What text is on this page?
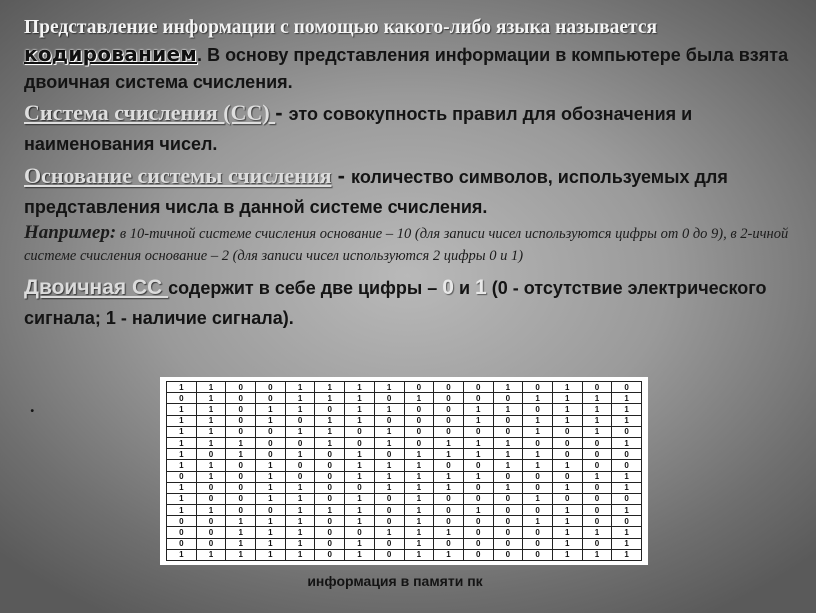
Представление информации с помощью какого-либо языка называется кодированием. В основу представления информации в компьютере была взята двоичная система счисления.

Система счисления (СС) - это совокупность правил для обозначения и наименования чисел.

Основание системы счисления - количество символов, используемых для представления числа в данной системе счисления.

Например: в 10-тичной системе счисления основание – 10 (для записи чисел используются цифры от 0 до 9), в 2-ичной системе счисления основание – 2 (для записи чисел используются 2 цифры 0 и 1)

Двоичная СС содержит в себе две цифры – 0 и 1 (0 - отсутствие электрического сигнала; 1 - наличие сигнала).

.
1	1	0	0	1	1	1	1	0	0	0	1	0	1	0	0
0	1	0	0	1	1	1	0	1	0	0	0	1	1	1	1
1	1	0	1	1	0	1	1	0	0	1	1	0	1	1	1
1	1	0	1	0	1	1	0	0	0	1	0	1	1	1	1
1	1	0	0	1	1	0	1	0	0	0	0	1	0	1	0
1	1	1	0	0	1	0	1	0	1	1	1	0	0	0	1
1	0	1	0	1	0	1	0	1	1	1	1	1	0	0	0
1	1	0	1	0	0	1	1	1	0	0	1	1	1	0	0
0	1	0	1	0	0	1	1	1	1	1	0	0	0	1	1
1	0	0	1	1	0	0	1	1	1	0	1	0	1	0	1
1	0	0	1	1	0	1	0	1	0	0	0	1	0	0	0
1	1	0	0	1	1	1	0	1	0	1	0	0	1	0	1
0	0	1	1	1	0	1	0	1	0	0	0	1	1	0	0
0	0	1	1	1	0	0	1	1	1	0	0	0	1	1	1
0	0	1	1	1	0	1	0	1	0	0	0	0	1	0	1
1	1	1	1	1	0	1	0	1	1	0	0	0	1	1	1
информация в памяти пк
